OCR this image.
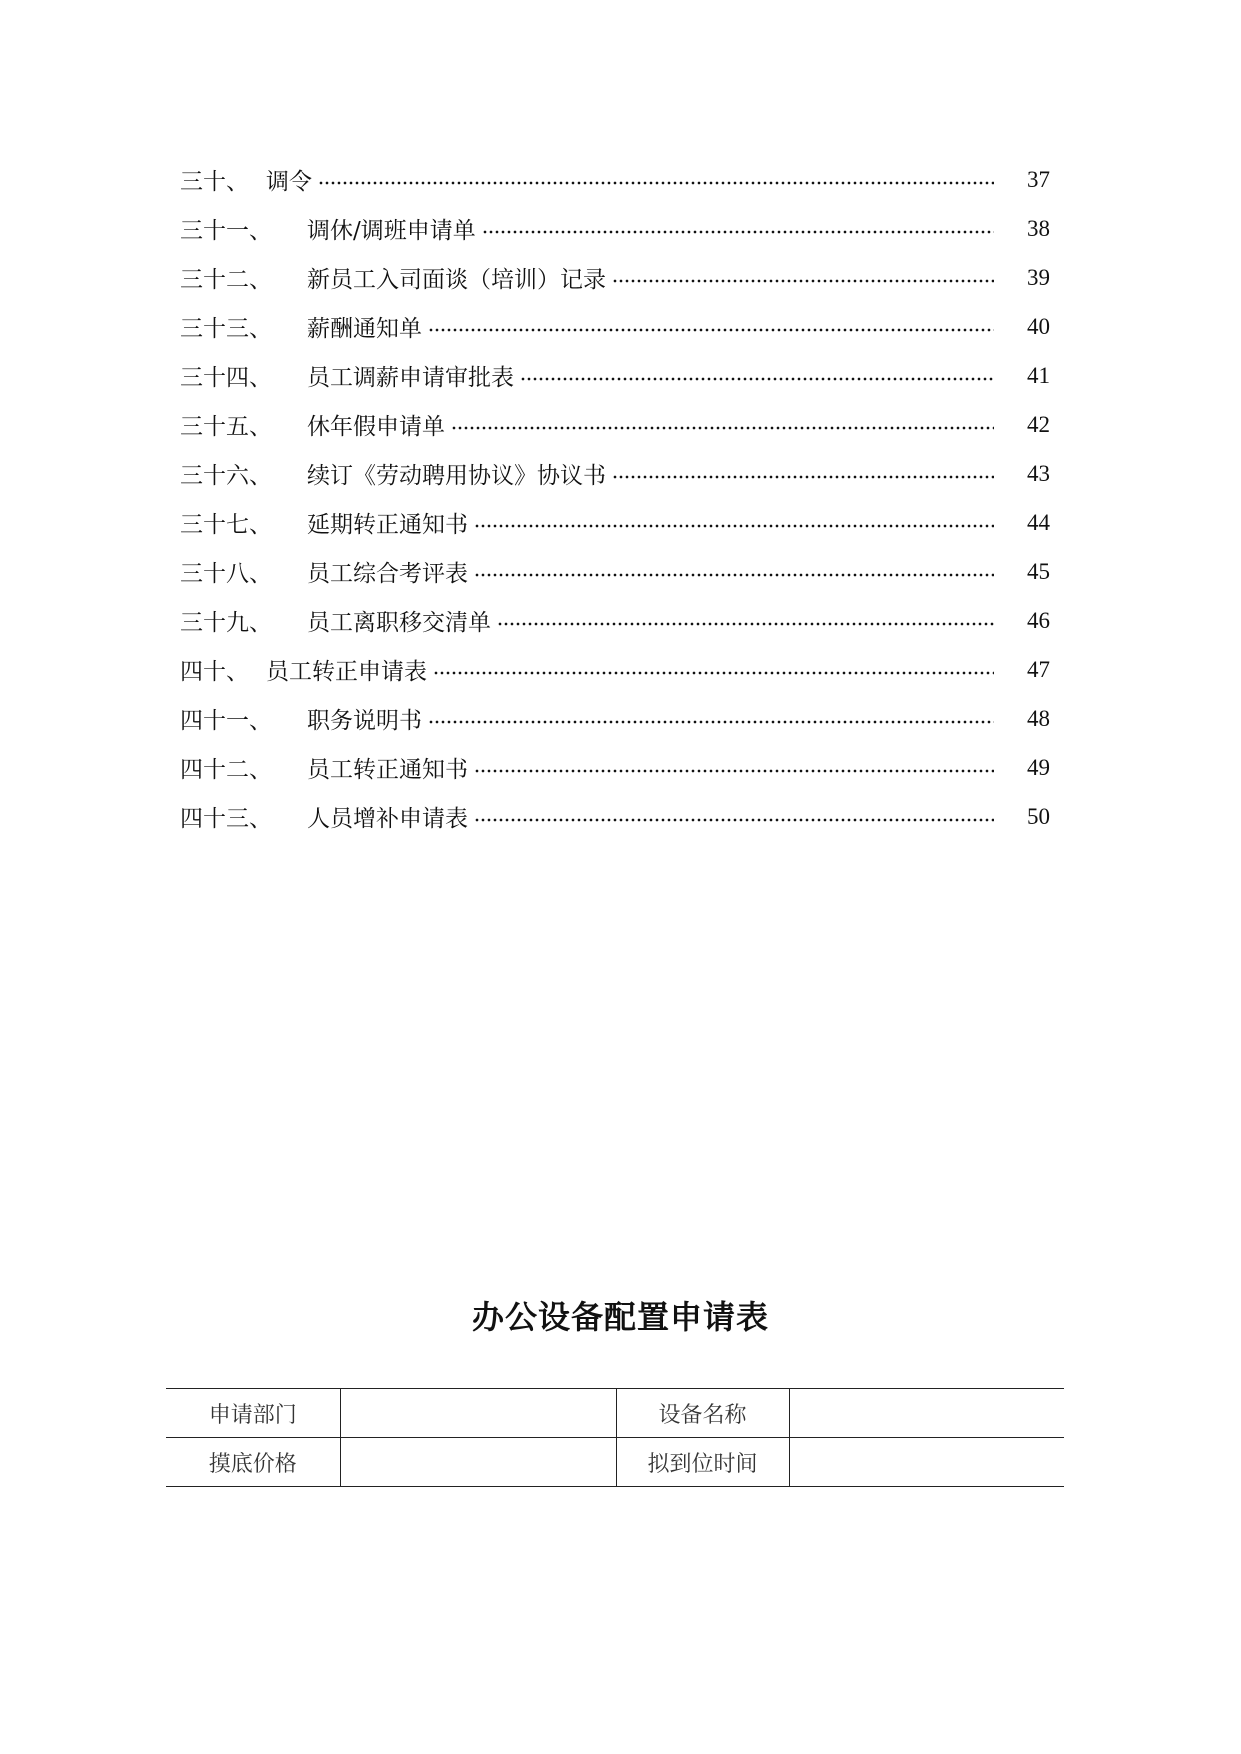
三十、 调令	37
三十一、	调休/调班申请单	38
三十二、	新员工入司面谈（培训）记录	39
三十三、	薪酬通知单	40
三十四、	员工调薪申请审批表	41
三十五、	休年假申请单	42
三十六、	续订《劳动聘用协议》协议书	43
三十七、	延期转正通知书	44
三十八、	员工综合考评表	45
三十九、	员工离职移交清单	46
四十、 员工转正申请表	47
四十一、	职务说明书	48
四十二、	员工转正通知书	49
四十三、	人员增补申请表	50
办公设备配置申请表
申请部门		设备名称	
摸底价格		拟到位时间	
